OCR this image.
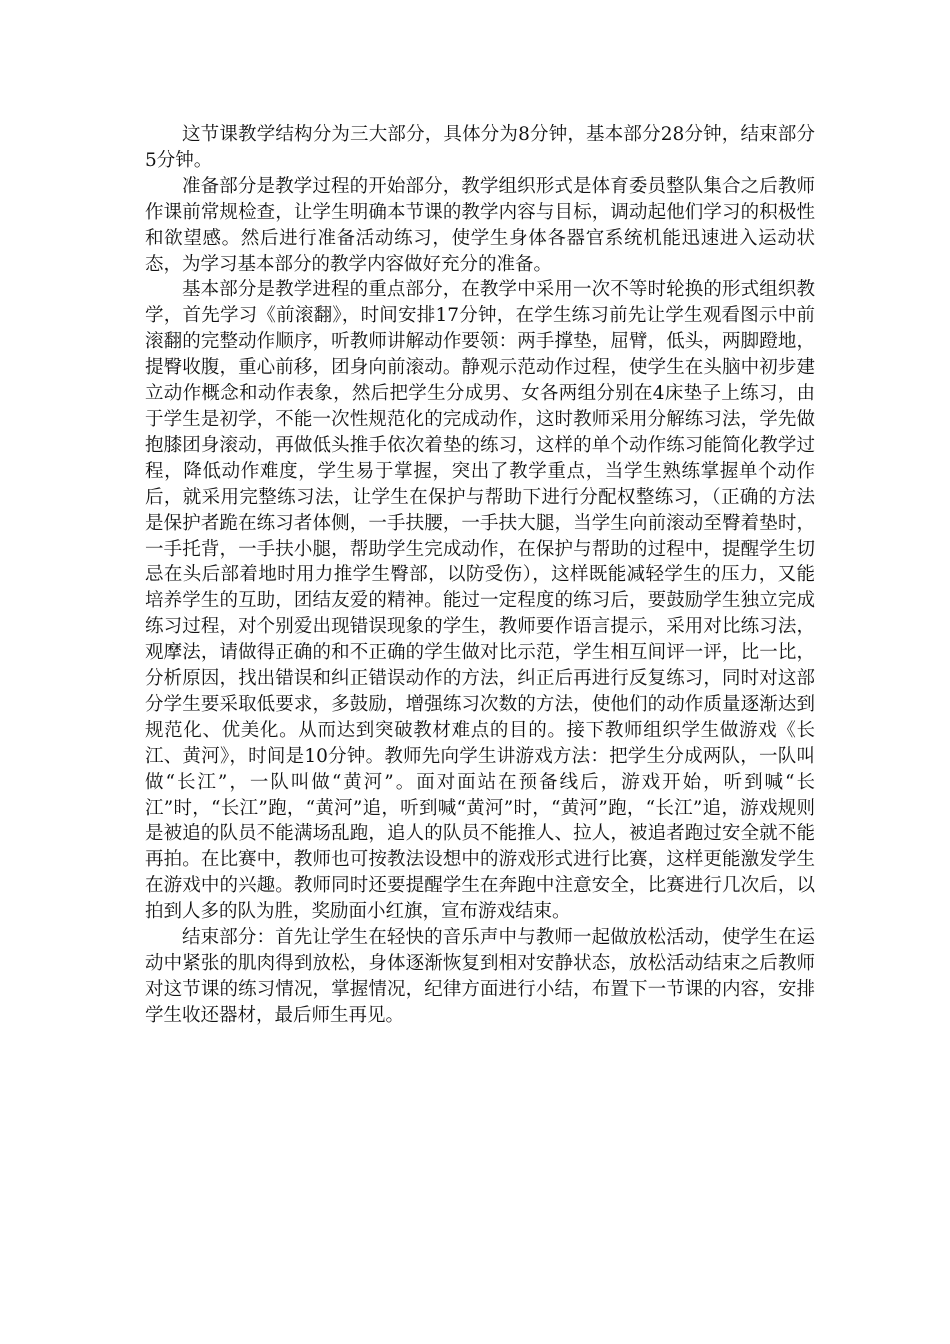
这节课教学结构分为三大部分，具体分为8分钟，基本部分28分钟，结束部分5分钟。

准备部分是教学过程的开始部分，教学组织形式是体育委员整队集合之后教师作课前常规检查，让学生明确本节课的教学内容与目标，调动起他们学习的积极性和欲望感。然后进行准备活动练习，使学生身体各器官系统机能迅速进入运动状态，为学习基本部分的教学内容做好充分的准备。

基本部分是教学进程的重点部分，在教学中采用一次不等时轮换的形式组织教学，首先学习《前滚翻》，时间安排17分钟，在学生练习前先让学生观看图示中前滚翻的完整动作顺序，听教师讲解动作要领：两手撑垫，屈臂，低头，两脚蹬地，提臀收腹，重心前移，团身向前滚动。静观示范动作过程，使学生在头脑中初步建立动作概念和动作表象，然后把学生分成男、女各两组分别在4床垫子上练习，由于学生是初学，不能一次性规范化的完成动作，这时教师采用分解练习法，学先做抱膝团身滚动，再做低头推手依次着垫的练习，这样的单个动作练习能简化教学过程，降低动作难度，学生易于掌握，突出了教学重点，当学生熟练掌握单个动作后，就采用完整练习法，让学生在保护与帮助下进行分配权整练习，（正确的方法是保护者跪在练习者体侧，一手扶腰，一手扶大腿，当学生向前滚动至臀着垫时，一手托背，一手扶小腿，帮助学生完成动作，在保护与帮助的过程中，提醒学生切忌在头后部着地时用力推学生臀部，以防受伤），这样既能减轻学生的压力，又能培养学生的互助，团结友爱的精神。能过一定程度的练习后，要鼓励学生独立完成练习过程，对个别爱出现错误现象的学生，教师要作语言提示，采用对比练习法，观摩法，请做得正确的和不正确的学生做对比示范，学生相互间评一评，比一比，分析原因，找出错误和纠正错误动作的方法，纠正后再进行反复练习，同时对这部分学生要采取低要求，多鼓励，增强练习次数的方法，使他们的动作质量逐渐达到规范化、优美化。从而达到突破教材难点的目的。接下教师组织学生做游戏《长江、黄河》，时间是10分钟。教师先向学生讲游戏方法：把学生分成两队，一队叫做“长江”，一队叫做“黄河”。面对面站在预备线后，游戏开始，听到喊“长江”时，“长江”跑，“黄河”追，听到喊“黄河”时，“黄河”跑，“长江”追，游戏规则 是被追的队员不能满场乱跑，追人的队员不能推人、拉人，被追者跑过安全就不能再拍。在比赛中，教师也可按教法设想中的游戏形式进行比赛，这样更能激发学生在游戏中的兴趣。教师同时还要提醒学生在奔跑中注意安全，比赛进行几次后，以拍到人多的队为胜，奖励面小红旗，宣布游戏结束。

结束部分：首先让学生在轻快的音乐声中与教师一起做放松活动，使学生在运动中紧张的肌肉得到放松，身体逐渐恢复到相对安静状态，放松活动结束之后教师对这节课的练习情况，掌握情况，纪律方面进行小结，布置下一节课的内容，安排学生收还器材，最后师生再见。
